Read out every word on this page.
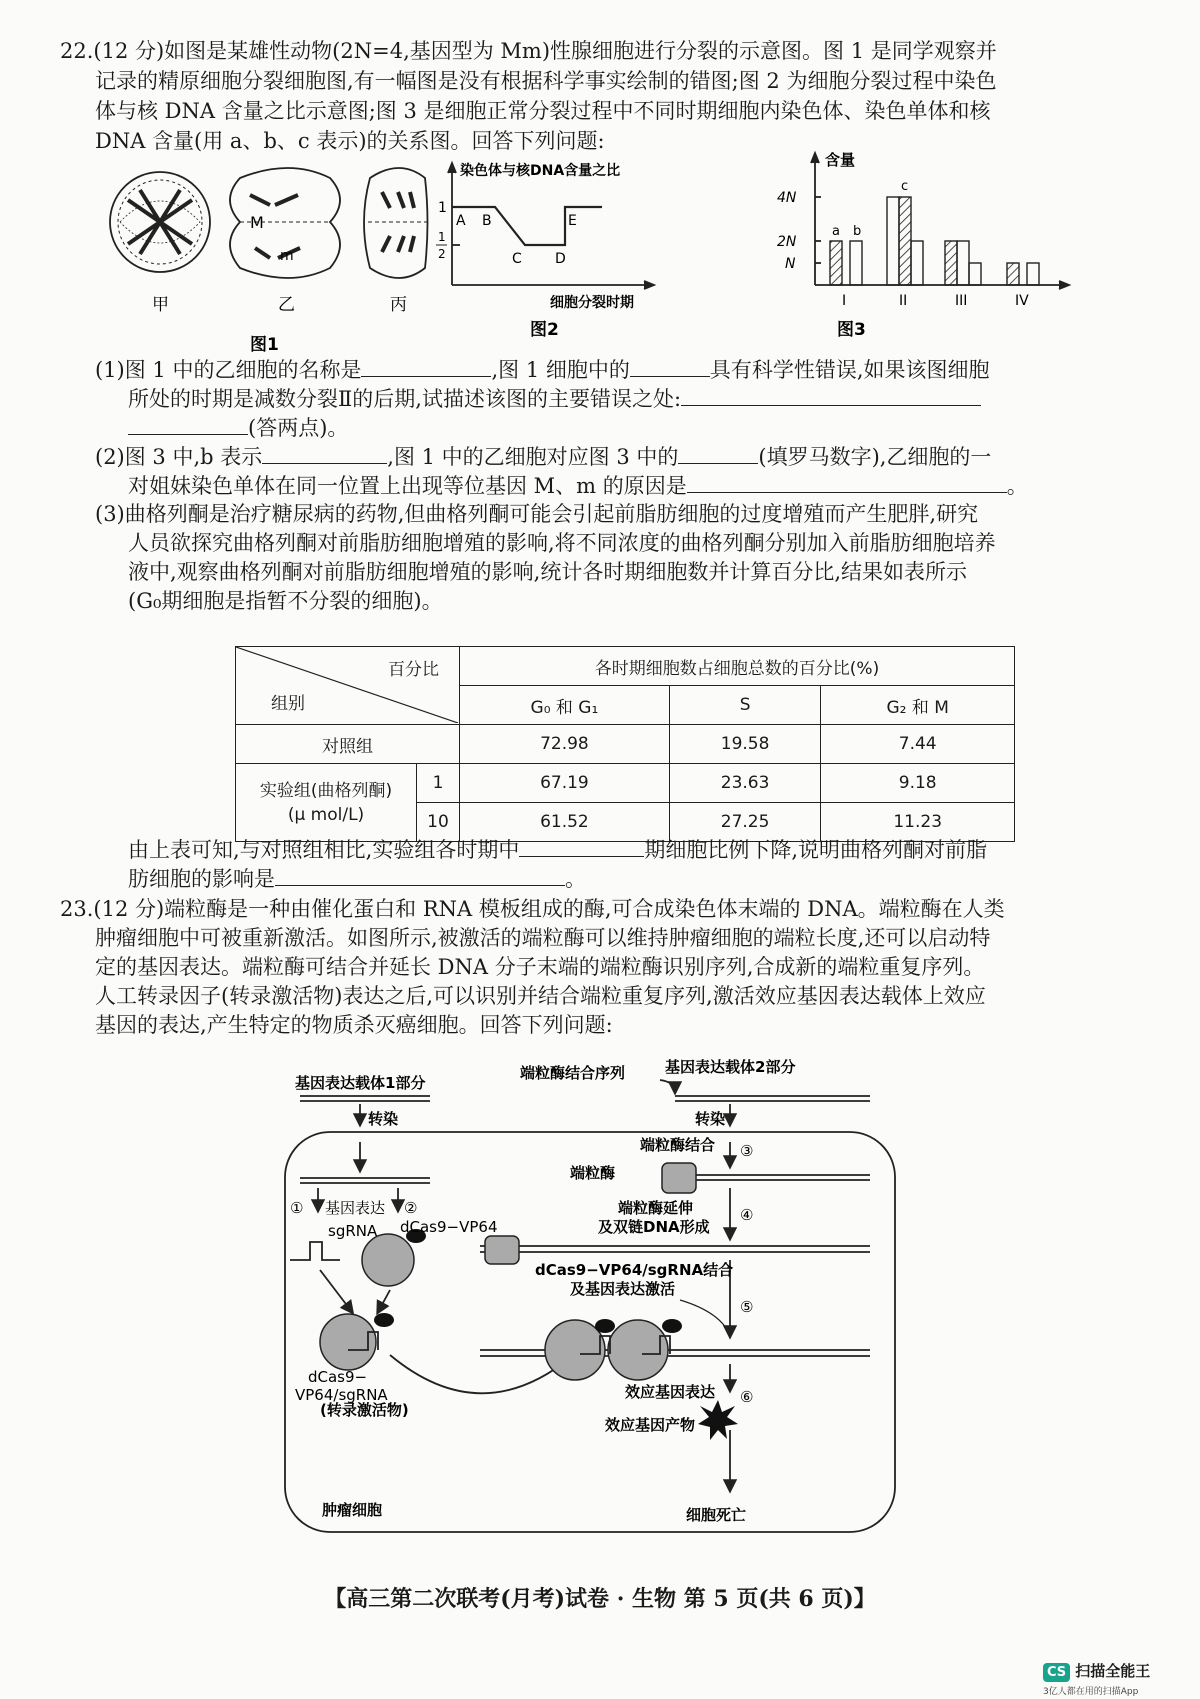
22.(12 分)如图是某雄性动物(2N=4,基因型为 Mm)性腺细胞进行分裂的示意图。图 1 是同学观察并
记录的精原细胞分裂细胞图,有一幅图是没有根据科学事实绘制的错图;图 2 为细胞分裂过程中染色
体与核 DNA 含量之比示意图;图 3 是细胞正常分裂过程中不同时期细胞内染色体、染色单体和核
DNA 含量(用 a、b、c 表示)的关系图。回答下列问题:
M
m
甲	乙	丙
图1
染色体与核DNA含量之比
1
1
2
A B
C D
E
细胞分裂时期
图2
4N
2N
N
含量
a b
c
I	II	III	IV
图3
(1)图 1 中的乙细胞的名称是	,图 1 细胞中的	具有科学性错误,如果该图细胞
所处的时期是减数分裂Ⅱ的后期,试描述该图的主要错误之处:
(答两点)。
(2)图 3 中,b 表示	,图 1 中的乙细胞对应图 3 中的	(填罗马数字),乙细胞的一
对姐妹染色单体在同一位置上出现等位基因 M、m 的原因是	。
(3)曲格列酮是治疗糖尿病的药物,但曲格列酮可能会引起前脂肪细胞的过度增殖而产生肥胖,研究
人员欲探究曲格列酮对前脂肪细胞增殖的影响,将不同浓度的曲格列酮分别加入前脂肪细胞培养
液中,观察曲格列酮对前脂肪细胞增殖的影响,统计各时期细胞数并计算百分比,结果如表所示
(G₀期细胞是指暂不分裂的细胞)。
百分比
组别		各时期细胞数占细胞总数的百分比(%)		
		G₀ 和 G₁	S	G₂ 和 M
对照组		72.98	19.58	7.44
实验组(曲格列酮)
(μ mol/L)	1	67.19	23.63	9.18
	10	61.52	27.25	11.23
由上表可知,与对照组相比,实验组各时期中	期细胞比例下降,说明曲格列酮对前脂
肪细胞的影响是	。
23.(12 分)端粒酶是一种由催化蛋白和 RNA 模板组成的酶,可合成染色体末端的 DNA。端粒酶在人类
肿瘤细胞中可被重新激活。如图所示,被激活的端粒酶可以维持肿瘤细胞的端粒长度,还可以启动特
定的基因表达。端粒酶可结合并延长 DNA 分子末端的端粒酶识别序列,合成新的端粒重复序列。
人工转录因子(转录激活物)表达之后,可以识别并结合端粒重复序列,激活效应基因表达载体上效应
基因的表达,产生特定的物质杀灭癌细胞。回答下列问题:
基因表达载体1部分
端粒酶结合序列	基因表达载体2部分
转染	转染
端粒酶结合
端粒酶
端粒酶延伸
及双链DNA形成
dCas9−VP64/sgRNA结合
及基因表达激活
效应基因表达
效应基因产物
细胞死亡
肿瘤细胞
(转录激活物)
① 基因表达 ②
sgRNA dCas9−VP64
③
④
⑤
⑥
dCas9−
VP64/sgRNA
【高三第二次联考(月考)试卷 · 生物 第 5 页(共 6 页)】
CS 扫描全能王
3亿人都在用的扫描App
